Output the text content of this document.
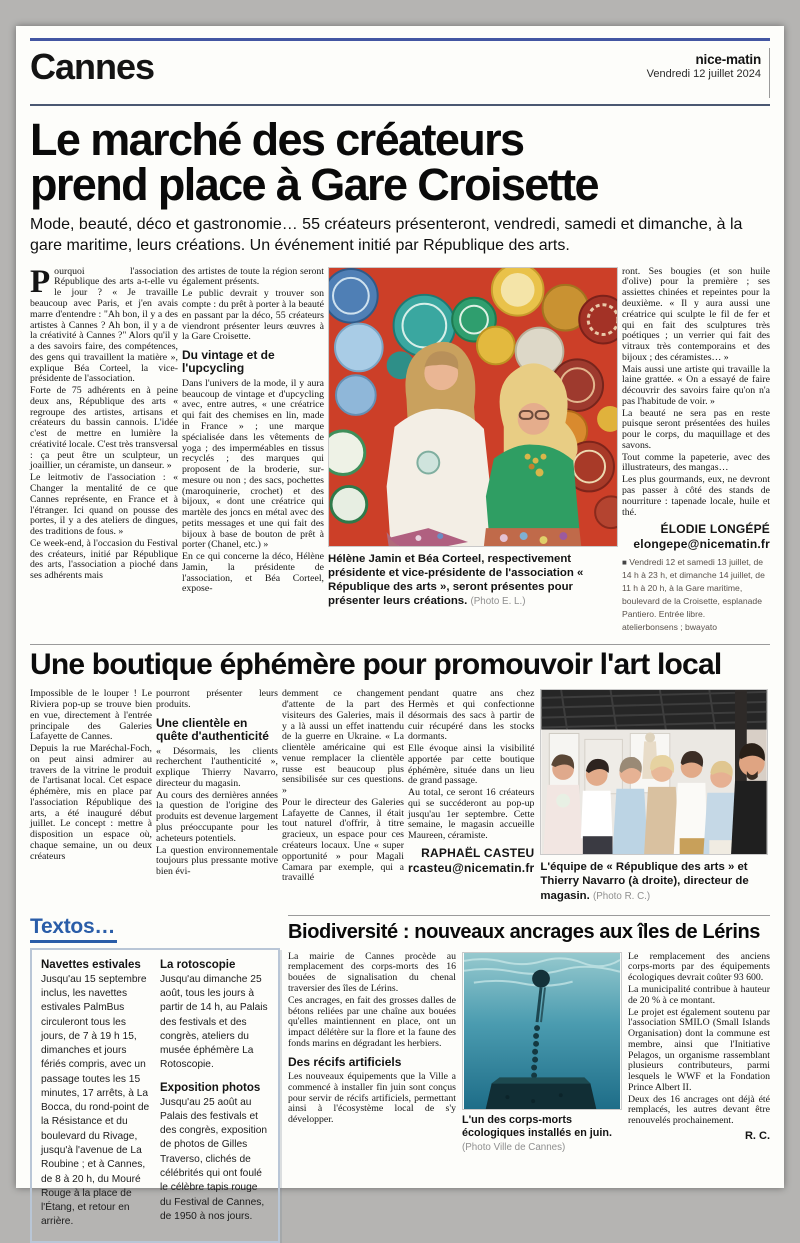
Cannes	nice-matin
Vendredi 12 juillet 2024
Le marché des créateurs
prend place à Gare Croisette

Mode, beauté, déco et gastronomie… 55 créateurs présenteront, vendredi, samedi et dimanche, à la gare maritime, leurs créations. Un événement initié par République des arts.

Pourquoi l'association République des arts a-t-elle vu le jour ? « Je travaille beaucoup avec Paris, et j'en avais marre d'entendre : "Ah bon, il y a des artistes à Cannes ? Ah bon, il y a de la créativité à Cannes ?" Alors qu'il y a des savoirs faire, des compétences, des gens qui travaillent la matière », explique Béa Corteel, la vice-présidente de l'association.

Forte de 75 adhérents en à peine deux ans, République des arts « regroupe des artistes, artisans et créateurs du bassin cannois. L'idée c'est de mettre en lumière la créativité locale. C'est très transversal : ça peut être un sculpteur, un joaillier, un céramiste, un danseur. »

Le leitmotiv de l'association : « Changer la mentalité de ce que Cannes représente, en France et à l'étranger. Ici quand on pousse des portes, il y a des ateliers de dingues, des traditions de fous. »

Ce week-end, à l'occasion du Festival des créateurs, initié par République des arts, l'association a pioché dans ses adhérents mais

des artistes de toute la région seront également présents.

Le public devrait y trouver son compte : du prêt à porter à la beauté en passant par la déco, 55 créateurs viendront présenter leurs œuvres à la Gare Croisette.

Du vintage et de l'upcycling

Dans l'univers de la mode, il y aura beaucoup de vintage et d'upcycling avec, entre autres, « une créatrice qui fait des chemises en lin, made in France » ; une marque spécialisée dans les vêtements de yoga ; des imperméables en tissus recyclés ; des marques qui proposent de la broderie, sur-mesure ou non ; des sacs, pochettes (maroquinerie, crochet) et des bijoux, « dont une créatrice qui martèle des joncs en métal avec des petits messages et une qui fait des bijoux à base de bouton de prêt à porter (Chanel, etc.) »

En ce qui concerne la déco, Hélène Jamin, la présidente de l'association, et Béa Corteel, expose-

Hélène Jamin et Béa Corteel, respectivement présidente et vice-présidente de l'association « République des arts », seront présentes pour présenter leurs créations. (Photo E. L.)

ront. Ses bougies (et son huile d'olive) pour la première ; ses assiettes chinées et repeintes pour la deuxième. « Il y aura aussi une créatrice qui sculpte le fil de fer et qui en fait des sculptures très poétiques ; un verrier qui fait des vitraux très contemporains et des bijoux ; des céramistes… »

Mais aussi une artiste qui travaille la laine grattée. « On a essayé de faire découvrir des savoirs faire qu'on n'a pas l'habitude de voir. »

La beauté ne sera pas en reste puisque seront présentées des huiles pour le corps, du maquillage et des savons.

Tout comme la papeterie, avec des illustrateurs, des mangas…

Les plus gourmands, eux, ne devront pas passer à côté des stands de nourriture : tapenade locale, huile et thé.

ÉLODIE LONGÉPÉ
elongepe@nicematin.fr

■ Vendredi 12 et samedi 13 juillet, de 14 h à 23 h, et dimanche 14 juillet, de 11 h à 20 h, à la Gare maritime, boulevard de la Croisette, esplanade Pantiero. Entrée libre.
atelierbonsens ; bwayato

Une boutique éphémère pour promouvoir l'art local

Impossible de le louper ! Le Riviera pop-up se trouve bien en vue, directement à l'entrée principale des Galeries Lafayette de Cannes.

Depuis la rue Maréchal-Foch, on peut ainsi admirer au travers de la vitrine le produit de l'artisanat local. Cet espace éphémère, mis en place par l'association République des arts, a été inauguré début juillet. Le concept : mettre à disposition un espace où, chaque semaine, un ou deux créateurs

pourront présenter leurs produits.

Une clientèle en quête d'authenticité

« Désormais, les clients recherchent l'authenticité », explique Thierry Navarro, directeur du magasin.

Au cours des dernières années la question de l'origine des produits est devenue largement plus préoccupante pour les acheteurs potentiels.

La question environnementale toujours plus pressante motive bien évi-

demment ce changement d'attente de la part des visiteurs des Galeries, mais il y a là aussi un effet inattendu de la guerre en Ukraine. « La clientèle américaine qui est venue remplacer la clientèle russe est beaucoup plus sensibilisée sur ces questions. »

Pour le directeur des Galeries Lafayette de Cannes, il était tout naturel d'offrir, à titre gracieux, un espace pour ces créateurs locaux. Une « super opportunité » pour Magali Camara par exemple, qui a travaillé

pendant quatre ans chez Hermès et qui confectionne désormais des sacs à partir de cuir récupéré dans les stocks dormants.

Elle évoque ainsi la visibilité apportée par cette boutique éphémère, située dans un lieu de grand passage.

Au total, ce seront 16 créateurs qui se succéderont au pop-up jusqu'au 1er septembre. Cette semaine, le magasin accueille Maureen, céramiste.

RAPHAËL CASTEU
rcasteu@nicematin.fr L'équipe de « République des arts » et Thierry Navarro (à droite), directeur de magasin. (Photo R. C.)

Textos…
Navettes estivales

Jusqu'au 15 septembre inclus, les navettes estivales PalmBus circuleront tous les jours, de 7 à 19 h 15, dimanches et jours fériés compris, avec un passage toutes les 15 minutes, 17 arrêts, à La Bocca, du rond-point de la Résistance et du boulevard du Rivage, jusqu'à l'avenue de La Roubine ; et à Cannes, de 8 à 20 h, du Mouré Rouge à la place de l'Étang, et retour en arrière.

La rotoscopie

Jusqu'au dimanche 25 août, tous les jours à partir de 14 h, au Palais des festivals et des congrès, ateliers du musée éphémère La Rotoscopie.

Exposition photos

Jusqu'au 25 août au Palais des festivals et des congrès, exposition de photos de Gilles Traverso, clichés de célébrités qui ont foulé le célèbre tapis rouge du Festival de Cannes, de 1950 à nos jours.

Biodiversité : nouveaux ancrages aux îles de Lérins

La mairie de Cannes procède au remplacement des corps-morts des 16 bouées de signalisation du chenal traversier des îles de Lérins.

Ces ancrages, en fait des grosses dalles de bétons reliées par une chaîne aux bouées qu'elles maintiennent en place, ont un impact délétère sur la flore et la faune des fonds marins en dégradant les herbiers.

Des récifs artificiels

Les nouveaux équipements que la Ville a commencé à installer fin juin sont conçus pour servir de récifs artificiels, permettant ainsi à l'écosystème local de s'y développer.	L'un des corps-morts écologiques installés en juin. (Photo Ville de Cannes)

Le remplacement des anciens corps-morts par des équipements écologiques devrait coûter 93 600.

La municipalité contribue à hauteur de 20 % à ce montant.

Le projet est également soutenu par l'association SMILO (Small Islands Organisation) dont la commune est membre, ainsi que l'Initiative Pelagos, un organisme rassemblant plusieurs contributeurs, parmi lesquels le WWF et la Fondation Prince Albert II.

Deux des 16 ancrages ont déjà été remplacés, les autres devant être renouvelés prochainement.

R. C.
